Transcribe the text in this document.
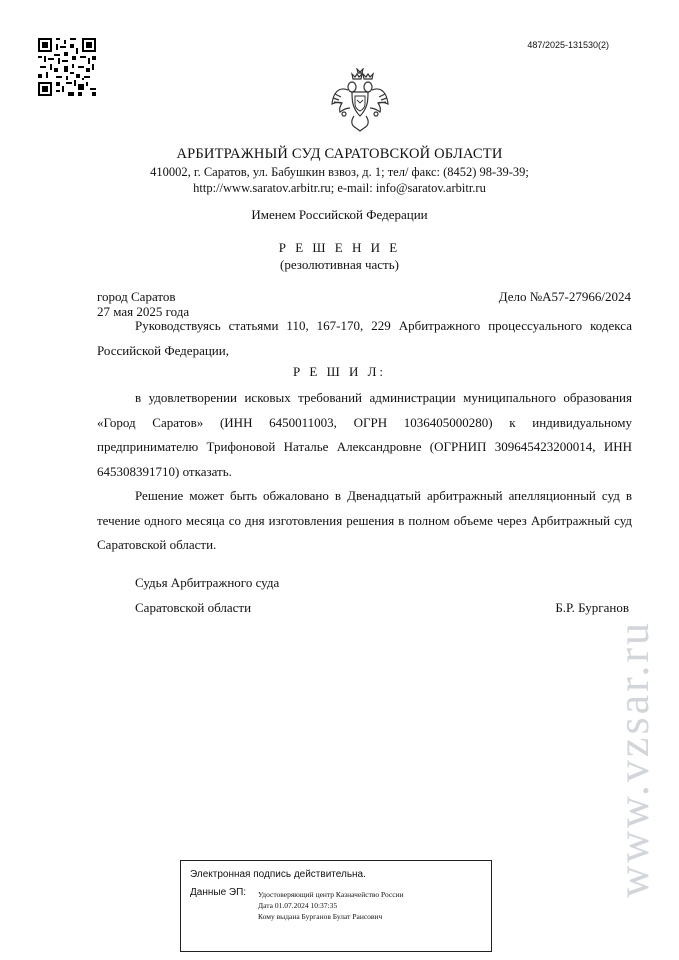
487/2025-131530(2)
АРБИТРАЖНЫЙ СУД САРАТОВСКОЙ ОБЛАСТИ
410002, г. Саратов, ул. Бабушкин взвоз, д. 1; тел/ факс: (8452) 98-39-39;
http://www.saratov.arbitr.ru; e-mail: info@saratov.arbitr.ru
Именем Российской Федерации
Р Е Ш Е Н И Е
(резолютивная часть)
город Саратов
27 мая 2025 года
Дело №А57-27966/2024
Руководствуясь статьями 110, 167-170, 229 Арбитражного процессуального кодекса Российской Федерации,
Р Е Ш И Л:
в удовлетворении исковых требований администрации муниципального образования «Город Саратов» (ИНН 6450011003, ОГРН 1036405000280) к индивидуальному предпринимателю Трифоновой Наталье Александровне (ОГРНИП 309645423200014, ИНН 645308391710) отказать.
Решение может быть обжаловано в Двенадцатый арбитражный апелляционный суд в течение одного месяца со дня изготовления решения в полном объеме через Арбитражный суд Саратовской области.
Судья Арбитражного суда
Саратовской области	Б.Р. Бурганов
www.vzsar.ru
Электронная подпись действительна.
Данные ЭП: Удостоверяющий центр Казначейство России
Дата 01.07.2024 10:37:35
Кому выдана Бурганов Булат Рансович
